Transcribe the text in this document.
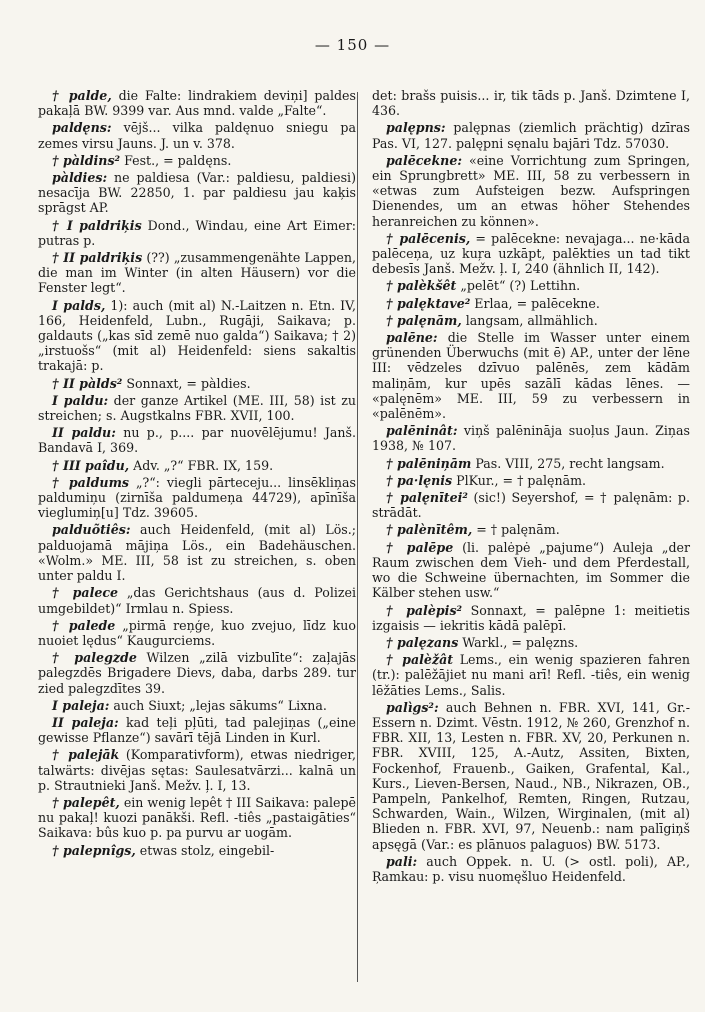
— 150 —
† palde, die Falte: lindrakiem deviņi] paldes pakaļā BW. 9399 var. Aus mnd. valde „Falte“.
paldęns: vējš... vilka paldęnuo sniegu pa zemes virsu Jauns. J. un v. 378.
† pàldins² Fest., = paldęns.
pàldies: ne paldiesa (Var.: paldiesu, paldiesi) nesacīja BW. 22850, 1. par paldiesu jau kaķis sprāgst AP.
† I paldriķis Dond., Windau, eine Art Eimer: putras p.
† II paldriķis (??) „zusammengenähte Lappen, die man im Winter (in alten Häusern) vor die Fenster legt“.
I palds, 1): auch (mit al) N.-Laitzen n. Etn. IV, 166, Heidenfeld, Lubn., Rugāji, Saikava; p. galdauts („kas sīd zemē nuo galda“) Saikava; † 2) „irstuošs“ (mit al) Heidenfeld: siens sakaltis trakajā: p.
† II pàlds² Sonnaxt, = pàldies.
I paldu: der ganze Artikel (ME. III, 58) ist zu streichen; s. Augstkalns FBR. XVII, 100.
II paldu: nu p., p.... par nuovēlējumu! Janš. Bandavā I, 369.
† III paîdu, Adv. „?“ FBR. IX, 159.
† paldums „?“: viegli pārteceju... linsēkliņas paldumiņu (zirnīša paldumeņa 44729), apīnīša vieglumiņ[u] Tdz. 39605.
palduõtiês: auch Heidenfeld, (mit al) Lös.; palduojamā mājiņa Lös., ein Badehäuschen. «Wolm.» ME. III, 58 ist zu streichen, s. oben unter paldu I.
† palece „das Gerichtshaus (aus d. Polizei umgebildet)“ Irmlau n. Spiess.
† palede „pirmā reņģe, kuo zvejuo, līdz kuo nuoiet lędus“ Kaugurciems.
† palegzde Wilzen „zilā vizbulīte“: zaļajās palegzdēs Brigadere Dievs, daba, darbs 289. tur zied palegzdītes 39.
I paleja: auch Siuxt; „lejas sākums“ Lixna.
II paleja: kad teļi pļūti, tad palejiņas („eine gewisse Pflanze“) savārī tējā Linden in Kurl.
† palejāk (Komparativform), etwas niedriger, talwärts: divējas sętas: Saulesatvārzi... kalnā un p. Strautnieki Janš. Mežv. ļ. I, 13.
† palepêt, ein wenig lepêt † III Saikava: palepē nu pakaļ! kuozi panākši. Refl. -tiês „pastaigāties“ Saikava: bûs kuo p. pa purvu ar uogām.
† palepnîgs, etwas stolz, eingebil-
det: brašs puisis... ir, tik tāds p. Janš. Dzimtene I, 436.
palępns: palępnas (ziemlich prächtig) dzīras Pas. VI, 127. palępni sęnalu bajāri Tdz. 57030.
palēcekne: «eine Vorrichtung zum Springen, ein Sprungbrett» ME. III, 58 zu verbessern in «etwas zum Aufsteigen bezw. Aufspringen Dienendes, um an etwas höher Stehendes heranreichen zu können».
† palēcenis, = palēcekne: nevajaga... ne·kāda palēceņa, uz kuŗa uzkāpt, palēkties un tad tikt debesīs Janš. Mežv. ļ. I, 240 (ähnlich II, 142).
† palèkšêt „pelēt“ (?) Lettihn.
† palęktave² Erlaa, = palēcekne.
† palęnām, langsam, allmählich.
palēne: die Stelle im Wasser unter einem grünenden Überwuchs (mit ē) AP., unter der lēne III: vēdzeles dzīvuo palēnēs, zem kādām maliņām, kur upēs sazālī kādas lēnes. — «palęnēm» ME. III, 59 zu verbessern in «palēnēm».
palēninât: viņš palēnināja suoļus Jaun. Ziņas 1938, № 107.
† palēniņām Pas. VIII, 275, recht langsam.
† pa·lęnis PlKur., = † palęnām.
† palęnītei² (sic!) Seyershof, = † palęnām: p. strādāt.
† palènītêm, = † palęnām.
† palēpe (li. palėpė „pajume“) Auleja „der Raum zwischen dem Vieh- und dem Pferdestall, wo die Schweine übernachten, im Sommer die Kälber stehen usw.“
† palèpis² Sonnaxt, = palēpne 1: meitietis izgaisis — iekritis kādā palēpī.
† palęzans Warkl., = palęzns.
† palèžât Lems., ein wenig spazieren fahren (tr.): palēžājiet nu mani arī! Refl. -tiês, ein wenig lēžāties Lems., Salis.
palìgs²: auch Behnen n. FBR. XVI, 141, Gr.-Essern n. Dzimt. Vēstn. 1912, № 260, Grenzhof n. FBR. XII, 13, Lesten n. FBR. XV, 20, Perkunen n. FBR. XVIII, 125, A.-Autz, Assiten, Bixten, Fockenhof, Frauenb., Gaiken, Grafental, Kal., Kurs., Lieven-Bersen, Naud., NB., Nikrazen, OB., Pampeln, Pankelhof, Remten, Ringen, Rutzau, Schwarden, Wain., Wilzen, Wirginalen, (mit al) Blieden n. FBR. XVI, 97, Neuenb.: nam palīgiņš apsęgā (Var.: es plānuos palaguos) BW. 5173.
pali: auch Oppek. n. U. (> ostl. poli), AP., Ŗamkau: p. visu nuomęšluo Heidenfeld.
